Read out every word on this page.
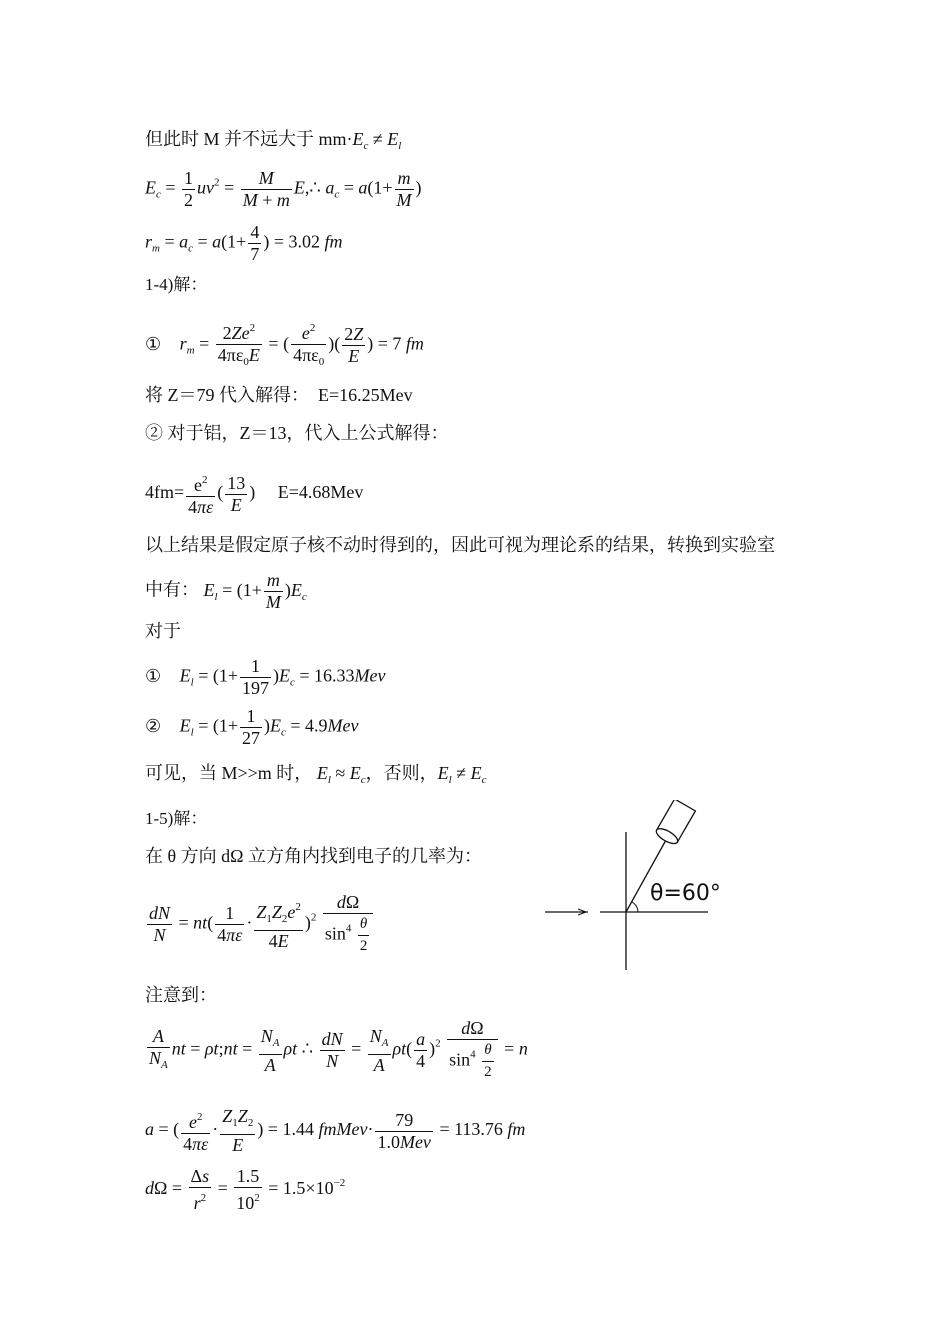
但此时 M 并不远大于 $mm\cdot E_c \ne E_l$
$E_c = \frac{1}{2} uv^2 = \frac{M}{M + m}$ E,∴ $a_c = a(1+ \frac{m}{M}$ )
$r_m = a_c = a(1+ \frac{4}{7}$ ) = 3.02 fm
1-4)解：
① $r_m = \frac{2Ze^2}{4\pi\varepsilon_0E}$ = ( $\frac{e^2}{4\pi\varepsilon_0}$ )( $\frac{2Z}{E}$ ) = 7 fm
将 Z＝79 代入解得： E=16.25Mev
② 对于铝，Z＝13，代入上公式解得：
$4fm= \frac{e^2}{4\pi\varepsilon}$ ( $\frac{13}{E}$ )     E=4.68Mev
以上结果是假定原子核不动时得到的，因此可视为理论系的结果，转换到实验室
中有： $E_l = (1+ \frac{m}{M} )E_c$
对于
① $E_l = (1+ \frac{1}{197} )E_c = 16.33Mev$
② $E_l = (1+ \frac{1}{27} )E_c = 4.9Mev$
可见，当 M>>m 时， $E_l \approx E_c$，否则，$E_l \ne E_c$
1-5)解：
在 θ 方向 dΩ 立方角内找到电子的几率为：
$\frac{dN}{N} = nt( \frac{1}{4\pi\varepsilon} \cdot \frac{Z_1Z_2e^2}{4E} )^2 \frac{d\Omega}{\sin^4 \frac{\theta}{2}}$	θ=60°
注意到：
$\frac{A}{N_A}$ nt = ρt;nt = $\frac{N_A}{A}$ ρt ∴ $\frac{dN}{N} = \frac{N_A}{A} \rho t( \frac{a}{4} )^2 \frac{d\Omega}{\sin^4 \frac{\theta}{2}} = n$
a = ( $\frac{e^2}{4\pi\varepsilon} \cdot \frac{Z_1Z_2}{E}$ ) = 1.44 fmMev· 79
1.0Mev
= 113.76 fm
$d\Omega = \frac{\Delta s}{r^2} = \frac{1.5}{10^2} = 1.5\times 10^{-2}$
